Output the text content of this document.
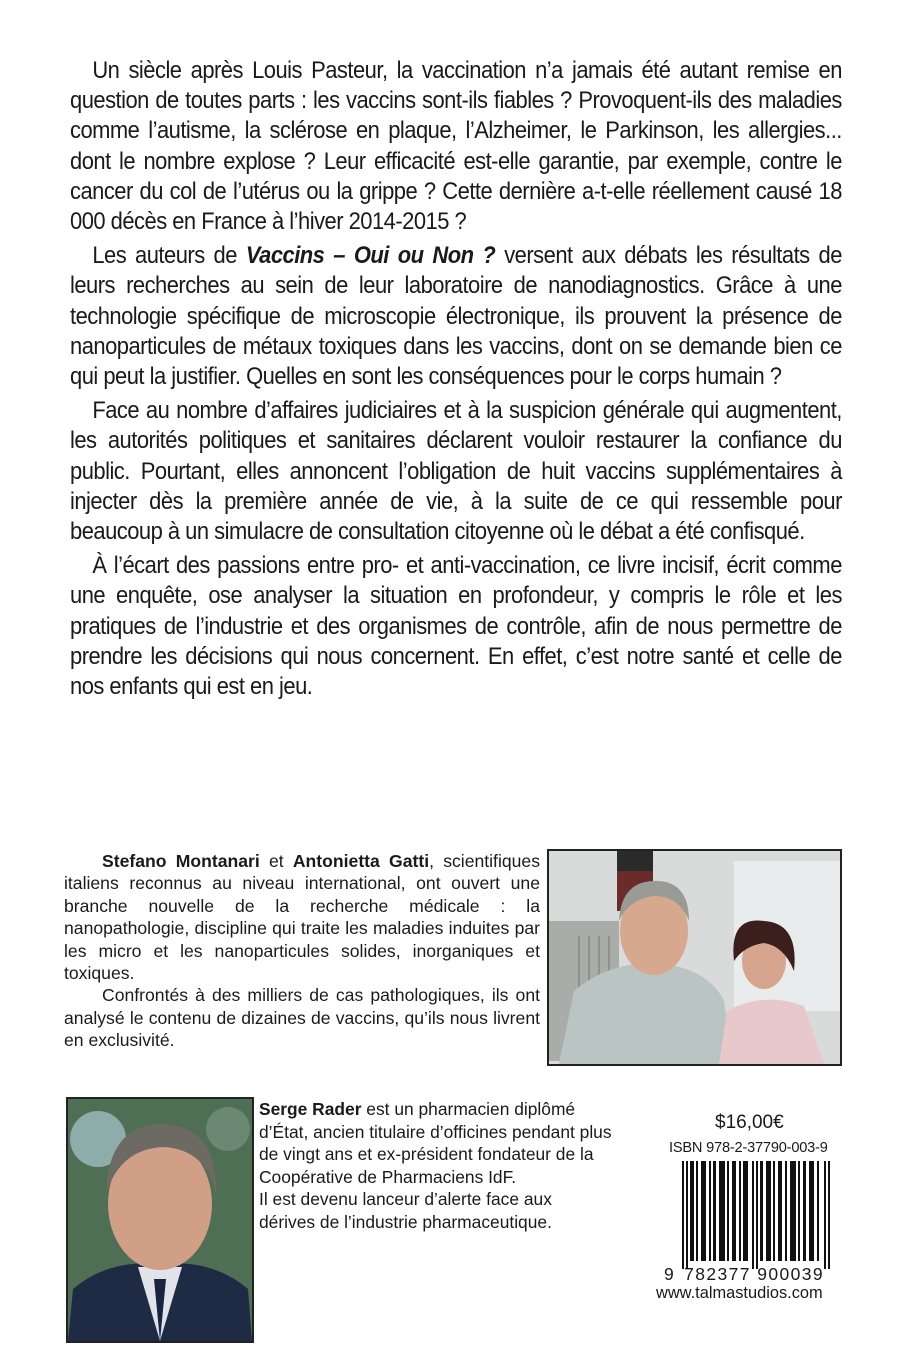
Un siècle après Louis Pasteur, la vaccination n’a jamais été autant remise en question de toutes parts : les vaccins sont-ils fiables ? Provoquent-ils des maladies comme l’autisme, la sclérose en plaque, l’Alzheimer, le Parkinson, les allergies... dont le nombre explose ? Leur efficacité est-elle garantie, par exemple, contre le cancer du col de l’utérus ou la grippe ? Cette dernière a-t-elle réellement causé 18 000 décès en France à l’hiver 2014-2015 ?

Les auteurs de Vaccins – Oui ou Non ? versent aux débats les résultats de leurs recherches au sein de leur laboratoire de nanodiagnostics. Grâce à une technologie spécifique de microscopie électronique, ils prouvent la présence de nanoparticules de métaux toxiques dans les vaccins, dont on se demande bien ce qui peut la justifier. Quelles en sont les conséquences pour le corps humain ?

Face au nombre d’affaires judiciaires et à la suspicion générale qui augmentent, les autorités politiques et sanitaires déclarent vouloir restaurer la confiance du public. Pourtant, elles annoncent l’obligation de huit vaccins supplémentaires à injecter dès la première année de vie, à la suite de ce qui ressemble pour beaucoup à un simulacre de consultation citoyenne où le débat a été confisqué.

À l’écart des passions entre pro- et anti-vaccination, ce livre incisif, écrit comme une enquête, ose analyser la situation en profondeur, y compris le rôle et les pratiques de l’industrie et des organismes de contrôle, afin de nous permettre de prendre les décisions qui nous concernent. En effet, c’est notre santé et celle de nos enfants qui est en jeu.

Stefano Montanari et Antonietta Gatti, scientifiques italiens reconnus au niveau international, ont ouvert une branche nouvelle de la recherche médicale : la nanopathologie, discipline qui traite les maladies induites par les micro et les nanoparticules solides, inorganiques et toxiques.

Confrontés à des milliers de cas pathologiques, ils ont analysé le contenu de dizaines de vaccins, qu’ils nous livrent en exclusivité.

Serge Rader est un pharmacien diplômé d’État, ancien titulaire d’officines pendant plus de vingt ans et ex-président fondateur de la Coopérative de Pharmaciens IdF.

Il est devenu lanceur d’alerte face aux dérives de l’industrie pharmaceutique.

$16,00€
ISBN 978-2-37790-003-9
9 782377 900039
www.talmastudios.com
